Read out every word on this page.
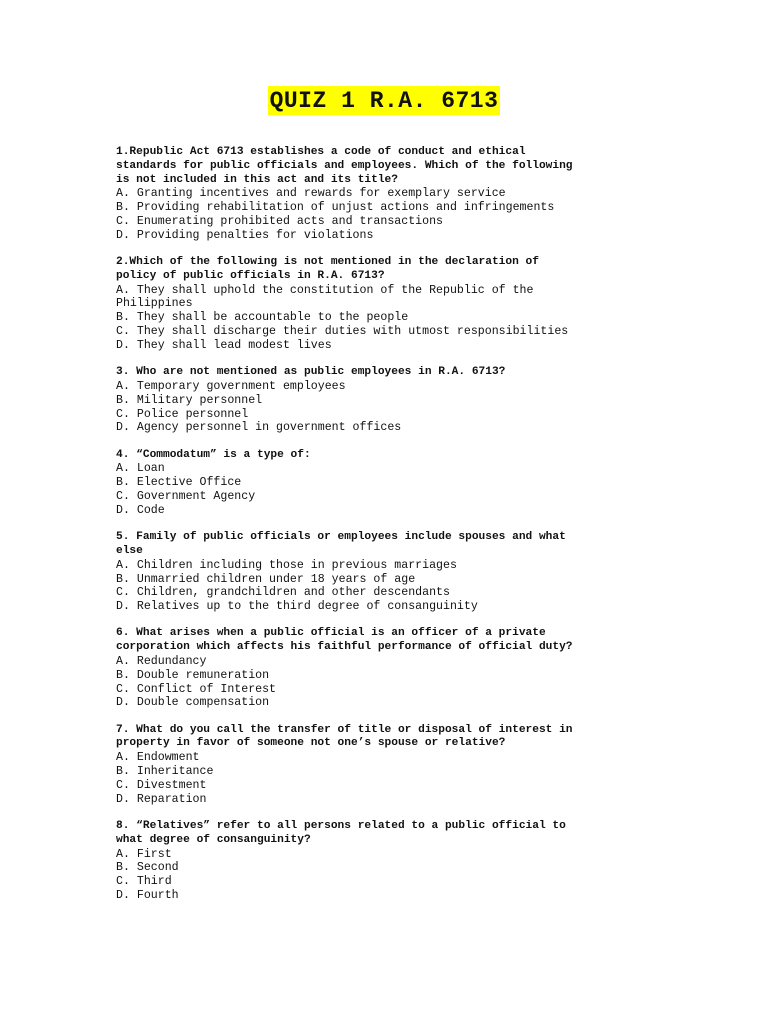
QUIZ 1 R.A. 6713
1.Republic Act 6713 establishes a code of conduct and ethical
standards for public officials and employees. Which of the following
is not included in this act and its title?
A. Granting incentives and rewards for exemplary service
B. Providing rehabilitation of unjust actions and infringements
C. Enumerating prohibited acts and transactions
D. Providing penalties for violations
2.Which of the following is not mentioned in the declaration of
policy of public officials in R.A. 6713?
A. They shall uphold the constitution of the Republic of the
Philippines
B. They shall be accountable to the people
C. They shall discharge their duties with utmost responsibilities
D. They shall lead modest lives
3. Who are not mentioned as public employees in R.A. 6713?
A. Temporary government employees
B. Military personnel
C. Police personnel
D. Agency personnel in government offices
4. “Commodatum” is a type of:
A. Loan
B. Elective Office
C. Government Agency
D. Code
5. Family of public officials or employees include spouses and what
else
A. Children including those in previous marriages
B. Unmarried children under 18 years of age
C. Children, grandchildren and other descendants
D. Relatives up to the third degree of consanguinity
6. What arises when a public official is an officer of a private
corporation which affects his faithful performance of official duty?
A. Redundancy
B. Double remuneration
C. Conflict of Interest
D. Double compensation
7. What do you call the transfer of title or disposal of interest in
property in favor of someone not one’s spouse or relative?
A. Endowment
B. Inheritance
C. Divestment
D. Reparation
8. “Relatives” refer to all persons related to a public official to
what degree of consanguinity?
A. First
B. Second
C. Third
D. Fourth
